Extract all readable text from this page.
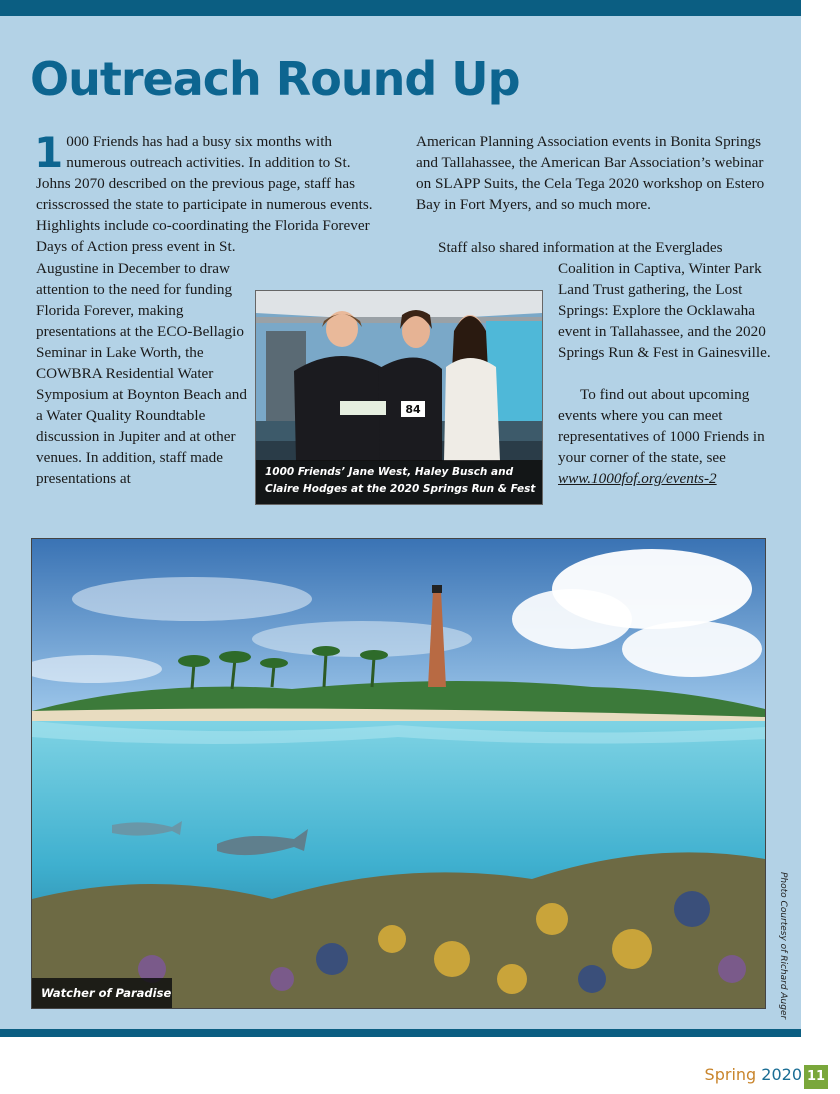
Outreach Round Up

1 000 Friends has had a busy six months with numerous outreach activities. In addition to St. Johns 2070 described on the previous page, staff has crisscrossed the state to participate in numerous events. Highlights include co-coordinating the Florida Forever Days of Action press event in St.

Augustine in December to draw attention to the need for funding Florida Forever, making presentations at the ECO-Bellagio Seminar in Lake Worth, the COWBRA Residential Water Symposium at Boynton Beach and a Water Quality Roundtable discussion in Jupiter and at other venues. In addition, staff made presentations at

American Planning Association events in Bonita Springs and Tallahassee, the American Bar Association’s webinar on SLAPP Suits, the Cela Tega 2020 workshop on Estero Bay in Fort Myers, and so much more.

Staff also shared information at the Everglades

Coalition in Captiva, Winter Park Land Trust gathering, the Lost Springs: Explore the Ocklawaha event in Tallahassee, and the 2020 Springs Run & Fest in Gainesville.

To find out about upcoming events where you can meet representatives of 1000 Friends in your corner of the state, see www.1000fof.org/events-2

84
1000 Friends’ Jane West, Haley Busch and
Claire Hodges at the 2020 Springs Run & Fest
Watcher of Paradise	Photo Courtesy of Richard Auger
Spring 2020 11
